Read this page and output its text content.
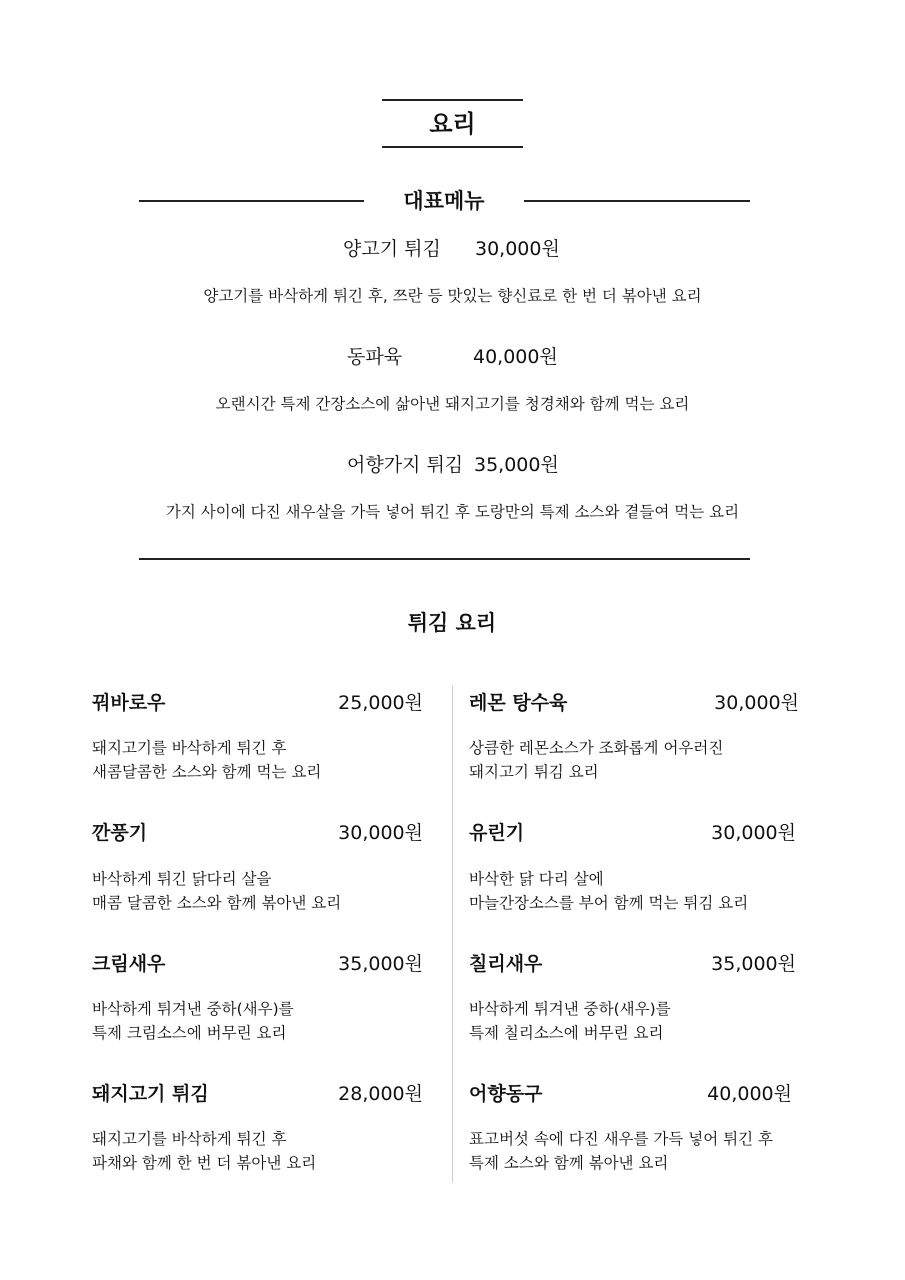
요리
대표메뉴
양고기 튀김 30,000원
양고기를 바삭하게 튀긴 후, 쯔란 등 맛있는 향신료로 한 번 더 볶아낸 요리
동파육	40,000원
오랜시간 특제 간장소스에 삶아낸 돼지고기를 청경채와 함께 먹는 요리
어향가지 튀김 35,000원
가지 사이에 다진 새우살을 가득 넣어 튀긴 후 도랑만의 특제 소스와 곁들여 먹는 요리
튀김 요리
꿔바로우	25,000원
돼지고기를 바삭하게 튀긴 후
새콤달콤한 소스와 함께 먹는 요리
깐풍기	30,000원
바삭하게 튀긴 닭다리 살을
매콤 달콤한 소스와 함께 볶아낸 요리
크림새우	35,000원
바삭하게 튀겨낸 중하(새우)를
특제 크림소스에 버무린 요리
돼지고기 튀김	28,000원
돼지고기를 바삭하게 튀긴 후
파채와 함께 한 번 더 볶아낸 요리
레몬 탕수육	30,000원
상큼한 레몬소스가 조화롭게 어우러진
돼지고기 튀김 요리
유린기	30,000원
바삭한 닭 다리 살에
마늘간장소스를 부어 함께 먹는 튀김 요리
칠리새우	35,000원
바삭하게 튀겨낸 중하(새우)를
특제 칠리소스에 버무린 요리
어향동구	40,000원
표고버섯 속에 다진 새우를 가득 넣어 튀긴 후
특제 소스와 함께 볶아낸 요리
